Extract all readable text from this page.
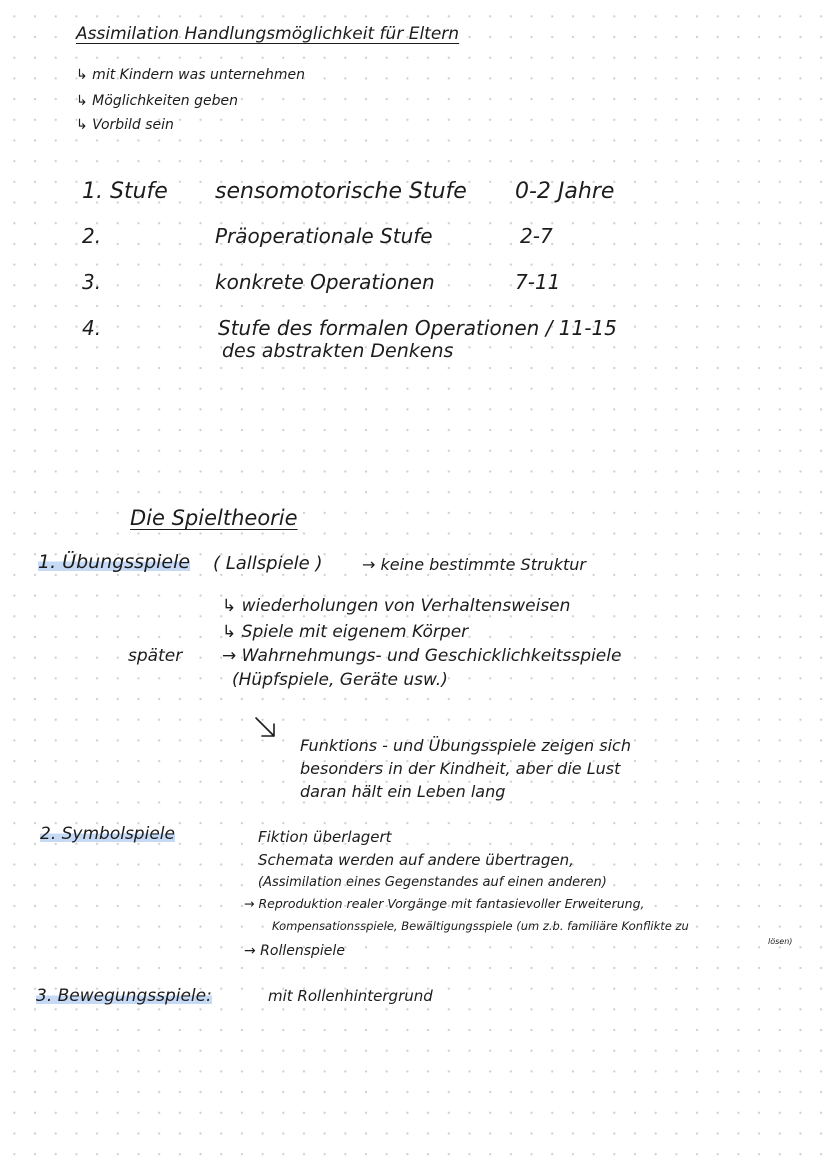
Assimilation Handlungsmöglichkeit für Eltern
↳ mit Kindern was unternehmen
↳ Möglichkeiten geben
↳ Vorbild sein
1. Stufe sensomotorische Stufe 0-2 Jahre
2.	Präoperationale Stufe	2-7
3.	konkrete Operationen	7-11
4.	Stufe des formalen Operationen / 11-15
des abstrakten Denkens
Die Spieltheorie
1. Übungsspiele ( Lallspiele ) → keine bestimmte Struktur
↳ wiederholungen von Verhaltensweisen
↳ Spiele mit eigenem Körper
später → Wahrnehmungs- und Geschicklichkeitsspiele
(Hüpfspiele, Geräte usw.)
Funktions - und Übungsspiele zeigen sich
besonders in der Kindheit, aber die Lust
daran hält ein Leben lang
2. Symbolspiele	Fiktion überlagert
Schemata werden auf andere übertragen,
(Assimilation eines Gegenstandes auf einen anderen)
→ Reproduktion realer Vorgänge mit fantasievoller Erweiterung,
Kompensationsspiele, Bewältigungsspiele (um z.b. familiäre Konflikte zu
lösen)
→ Rollenspiele
3. Bewegungsspiele:	mit Rollenhintergrund
